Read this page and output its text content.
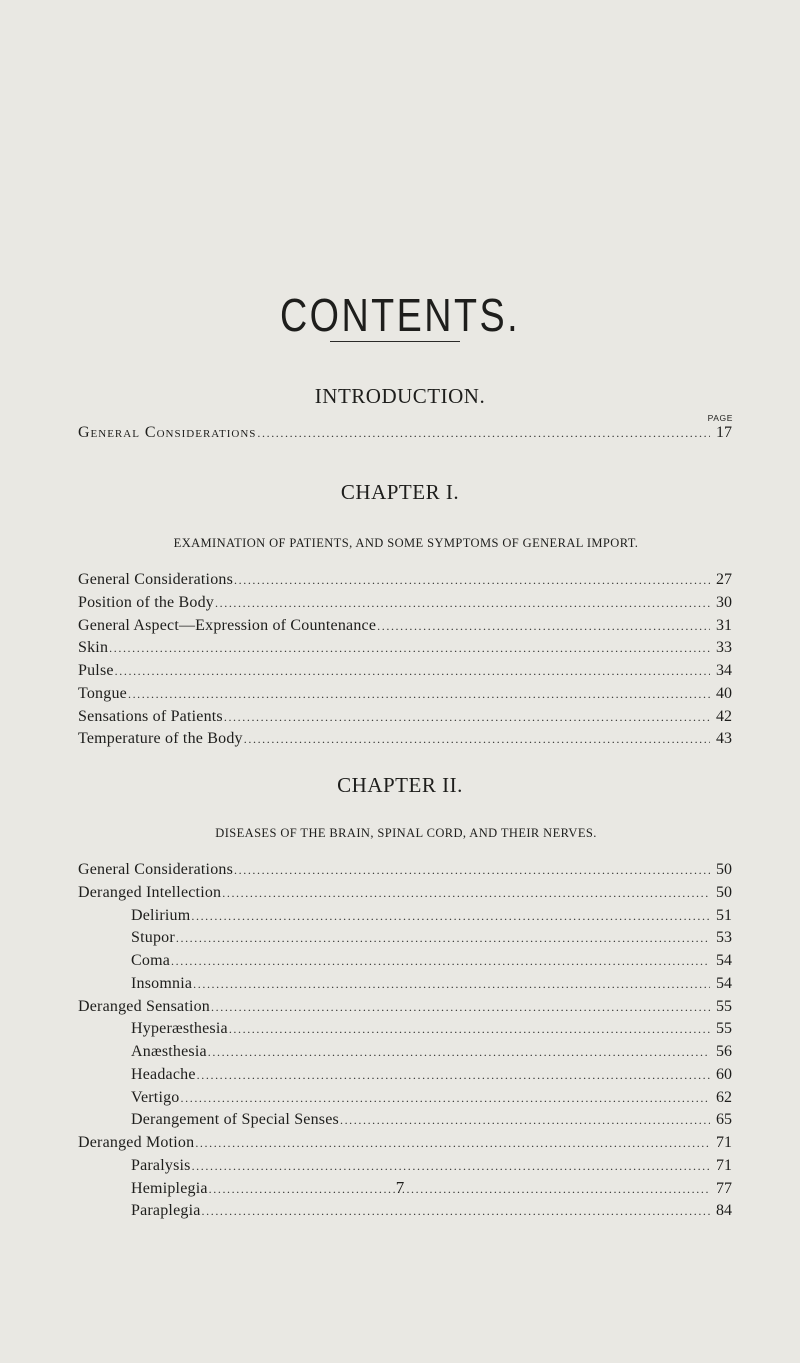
CONTENTS.
INTRODUCTION.
PAGE
General Considerations .....	17
CHAPTER I.
EXAMINATION OF PATIENTS, AND SOME SYMPTOMS OF GENERAL IMPORT.
General Considerations .....	27
Position of the Body .....	30
General Aspect—Expression of Countenance .....	31
Skin .....	33
Pulse .....	34
Tongue .....	40
Sensations of Patients .....	42
Temperature of the Body .....	43
CHAPTER II.
DISEASES OF THE BRAIN, SPINAL CORD, AND THEIR NERVES.
General Considerations .....	50
Deranged Intellection .....	50
Delirium .....	51
Stupor .....	53
Coma .....	54
Insomnia .....	54
Deranged Sensation .....	55
Hyperæsthesia .....	55
Anæsthesia .....	56
Headache .....	60
Vertigo .....	62
Derangement of Special Senses .....	65
Deranged Motion .....	71
Paralysis .....	71
Hemiplegia .....	77
Paraplegia .....	84
7
